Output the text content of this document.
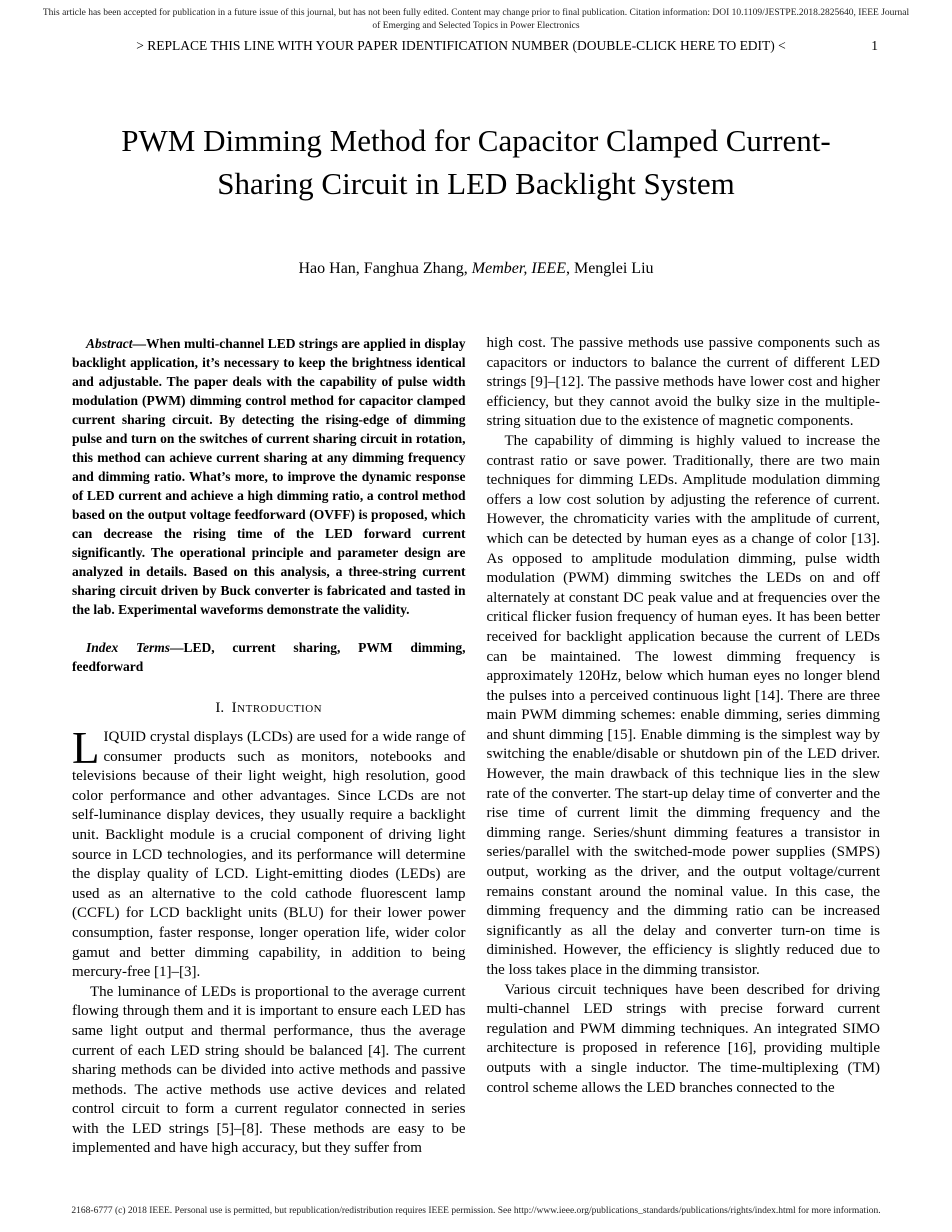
This article has been accepted for publication in a future issue of this journal, but has not been fully edited. Content may change prior to final publication. Citation information: DOI 10.1109/JESTPE.2018.2825640, IEEE Journal
of Emerging and Selected Topics in Power Electronics
> REPLACE THIS LINE WITH YOUR PAPER IDENTIFICATION NUMBER (DOUBLE-CLICK HERE TO EDIT) <	1
PWM Dimming Method for Capacitor Clamped Current-Sharing Circuit in LED Backlight System
Hao Han, Fanghua Zhang, Member, IEEE, Menglei Liu

Abstract—When multi-channel LED strings are applied in display backlight application, it’s necessary to keep the brightness identical and adjustable. The paper deals with the capability of pulse width modulation (PWM) dimming control method for capacitor clamped current sharing circuit. By detecting the rising-edge of dimming pulse and turn on the switches of current sharing circuit in rotation, this method can achieve current sharing at any dimming frequency and dimming ratio. What’s more, to improve the dynamic response of LED current and achieve a high dimming ratio, a control method based on the output voltage feedforward (OVFF) is proposed, which can decrease the rising time of the LED forward current significantly. The operational principle and parameter design are analyzed in details. Based on this analysis, a three-string current sharing circuit driven by Buck converter is fabricated and tasted in the lab. Experimental waveforms demonstrate the validity.

Index Terms—LED, current sharing, PWM dimming, feedforward

I. Introduction

LIQUID crystal displays (LCDs) are used for a wide range of consumer products such as monitors, notebooks and televisions because of their light weight, high resolution, good color performance and other advantages. Since LCDs are not self-luminance display devices, they usually require a backlight unit. Backlight module is a crucial component of driving light source in LCD technologies, and its performance will determine the display quality of LCD. Light-emitting diodes (LEDs) are used as an alternative to the cold cathode fluorescent lamp (CCFL) for LCD backlight units (BLU) for their lower power consumption, faster response, longer operation life, wider color gamut and better dimming capability, in addition to being mercury-free [1]–[3].

The luminance of LEDs is proportional to the average current flowing through them and it is important to ensure each LED has same light output and thermal performance, thus the average current of each LED string should be balanced [4]. The current sharing methods can be divided into active methods and passive methods. The active methods use active devices and related control circuit to form a current regulator connected in series with the LED strings [5]–[8]. These methods are easy to be implemented and have high accuracy, but they suffer from

high cost. The passive methods use passive components such as capacitors or inductors to balance the current of different LED strings [9]–[12]. The passive methods have lower cost and higher efficiency, but they cannot avoid the bulky size in the multiple-string situation due to the existence of magnetic components.

The capability of dimming is highly valued to increase the contrast ratio or save power. Traditionally, there are two main techniques for dimming LEDs. Amplitude modulation dimming offers a low cost solution by adjusting the reference of current. However, the chromaticity varies with the amplitude of current, which can be detected by human eyes as a change of color [13]. As opposed to amplitude modulation dimming, pulse width modulation (PWM) dimming switches the LEDs on and off alternately at constant DC peak value and at frequencies over the critical flicker fusion frequency of human eyes. It has been better received for backlight application because the current of LEDs can be maintained. The lowest dimming frequency is approximately 120Hz, below which human eyes no longer blend the pulses into a perceived continuous light [14]. There are three main PWM dimming schemes: enable dimming, series dimming and shunt dimming [15]. Enable dimming is the simplest way by switching the enable/disable or shutdown pin of the LED driver. However, the main drawback of this technique lies in the slew rate of the converter. The start-up delay time of converter and the rise time of current limit the dimming frequency and the dimming range. Series/shunt dimming features a transistor in series/parallel with the switched-mode power supplies (SMPS) output, working as the driver, and the output voltage/current remains constant around the nominal value. In this case, the dimming frequency and the dimming ratio can be increased significantly as all the delay and converter turn-on time is diminished. However, the efficiency is slightly reduced due to the loss takes place in the dimming transistor.

Various circuit techniques have been described for driving multi-channel LED strings with precise forward current regulation and PWM dimming techniques. An integrated SIMO architecture is proposed in reference [16], providing multiple outputs with a single inductor. The time-multiplexing (TM) control scheme allows the LED branches connected to the

2168-6777 (c) 2018 IEEE. Personal use is permitted, but republication/redistribution requires IEEE permission. See http://www.ieee.org/publications_standards/publications/rights/index.html for more information.
